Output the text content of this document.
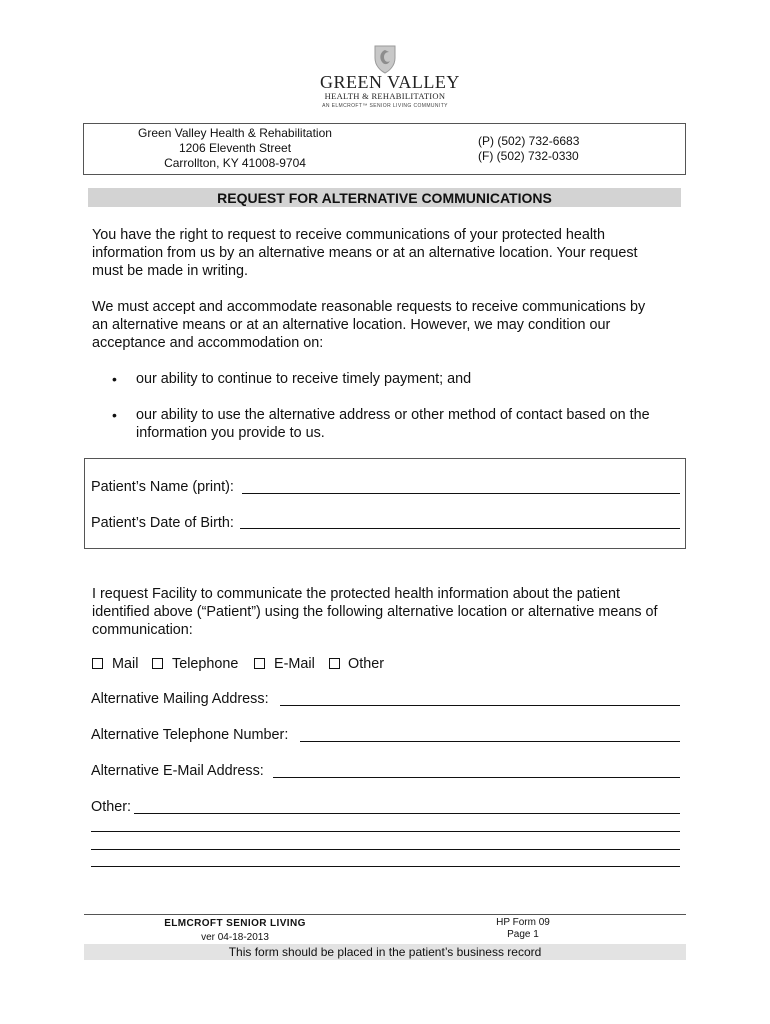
GREEN VALLEY
HEALTH & REHABILITATION
AN ELMCROFT™ SENIOR LIVING COMMUNITY
Green Valley Health & Rehabilitation
1206 Eleventh Street
Carrollton, KY 41008-9704
(P) (502) 732-6683
(F) (502) 732-0330
REQUEST FOR ALTERNATIVE COMMUNICATIONS
You have the right to request to receive communications of your protected health
information from us by an alternative means or at an alternative location. Your request
must be made in writing.
We must accept and accommodate reasonable requests to receive communications by
an alternative means or at an alternative location. However, we may condition our
acceptance and accommodation on:
•	our ability to continue to receive timely payment; and
•	our ability to use the alternative address or other method of contact based on the
information you provide to us.
Patient’s Name (print):
Patient’s Date of Birth:
I request Facility to communicate the protected health information about the patient
identified above (“Patient”) using the following alternative location or alternative means of
communication:
Mail Telephone E-Mail Other
Alternative Mailing Address:
Alternative Telephone Number:
Alternative E-Mail Address:
Other:
ELMCROFT SENIOR LIVING
ver 04-18-2013
HP Form 09
Page 1
This form should be placed in the patient’s business record
